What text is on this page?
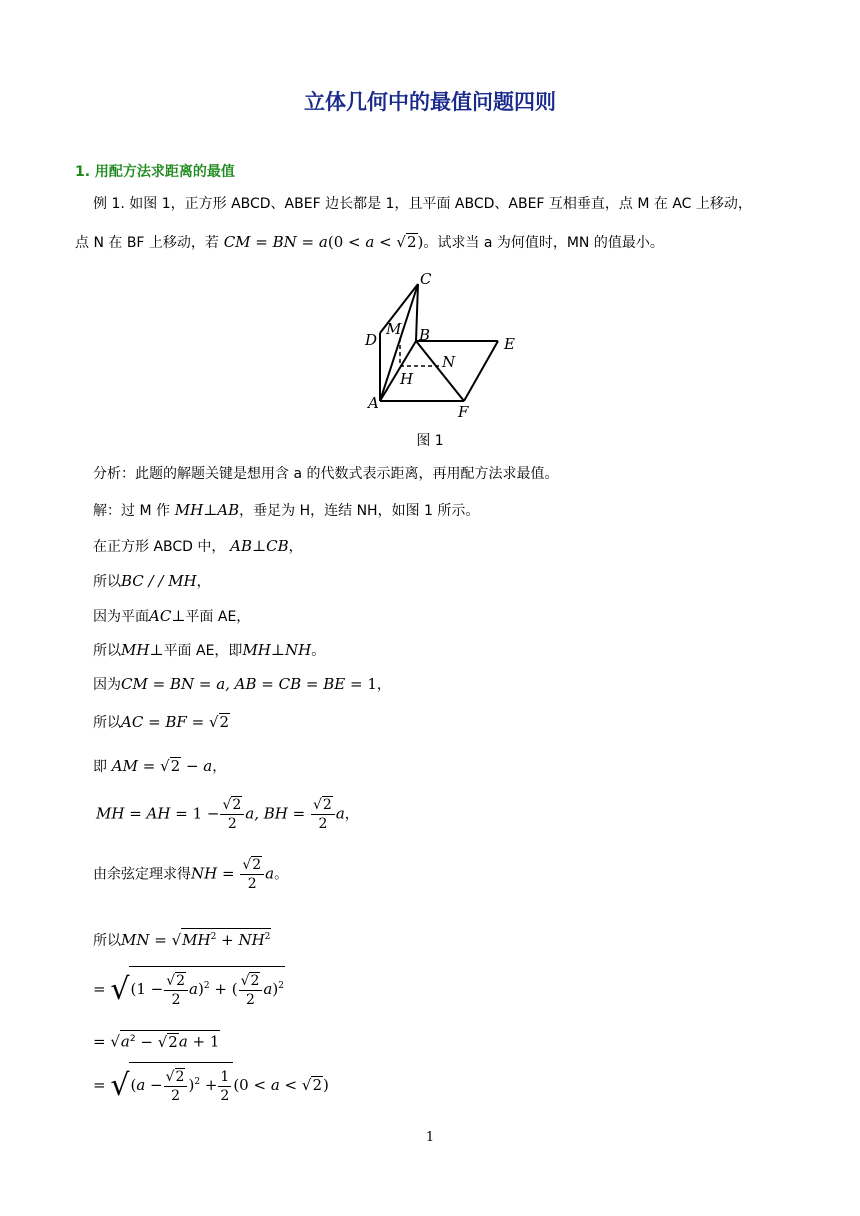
立体几何中的最值问题四则
1. 用配方法求距离的最值
例 1. 如图 1，正方形 ABCD、ABEF 边长都是 1，且平面 ABCD、ABEF 互相垂直，点 M 在 AC 上移动，
点 N 在 BF 上移动，若 CM = BN = a(0 < a < √2)。试求当 a 为何值时，MN 的值最小。
C
M
D	B	E
N
H
A	F
图 1
分析：此题的解题关键是想用含 a 的代数式表示距离，再用配方法求最值。
解：过 M 作 MH⊥AB，垂足为 H，连结 NH，如图 1 所示。
在正方形 ABCD 中， AB⊥CB，
所以BC / / MH，
因为平面AC⊥平面 AE，
所以MH⊥平面 AE，即MH⊥NH。
因为CM = BN = a, AB = CB = BE = 1，
所以AC = BF = √2
即 AM = √2 − a，
MH = AH = $1 - \frac{√2}{2} a$, BH = $\frac{√2}{2}$ a，
由余弦定理求得NH = $\frac{√2}{2}$ a。
所以MN = $√MH^2 + NH^2$
= $√(1 - \frac{√2}{2} a)^2$ + ( $\frac{√2}{2} a)^2$
= $√a^2 - √2a + 1$
= $√(a - \frac{√2}{2} )^2 + \frac{1}{2} (0 < a < √2)$
1
